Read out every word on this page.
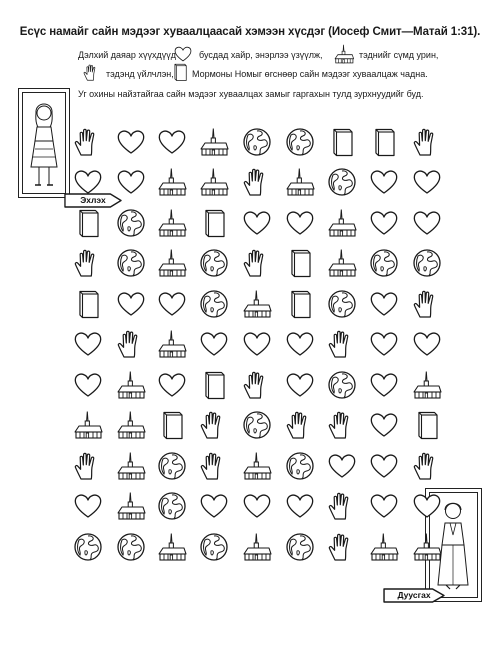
Есүс намайг сайн мэдээг хуваалцаасай хэмээн хүсдэг (Иосеф Смит—Матай 1:31).
Дэлхий даяар хүүхдүүд	бусдад хайр, энэрлээ үзүүлж,	тэднийг сүмд урин,
тэдэнд үйлчлэн, Мормоны Номыг өгснөөр сайн мэдээг хуваалцаж чадна.
Уг охины найзтайгаа сайн мэдээг хуваалцах замыг гаргахын тулд зурхнуудийг буд.
Эхлэх
Дуусгах
